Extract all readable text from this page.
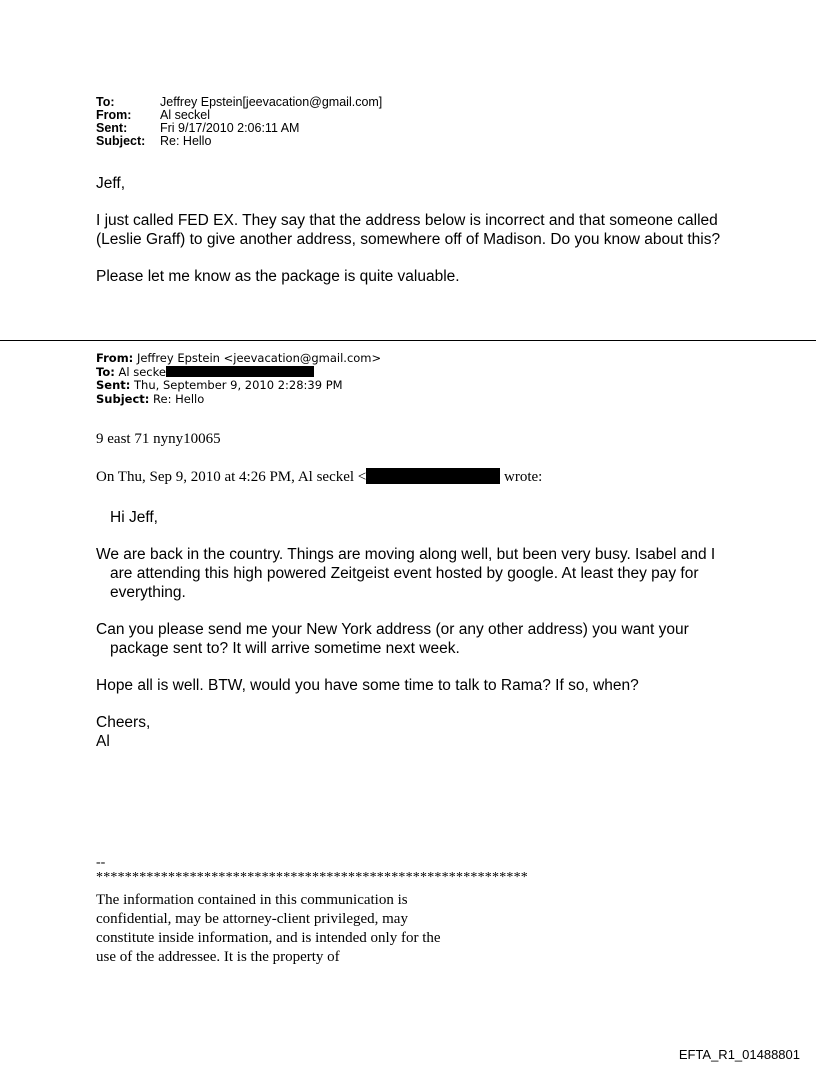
To:	Jeffrey Epstein[jeevacation@gmail.com]
From:	Al seckel
Sent:	Fri 9/17/2010 2:06:11 AM
Subject:	Re: Hello

Jeff,

I just called FED EX. They say that the address below is incorrect and that someone called (Leslie Graff) to give another address, somewhere off of Madison. Do you know about this?

Please let me know as the package is quite valuable.

From: Jeffrey Epstein <jeevacation@gmail.com>
To: Al secke
Sent: Thu, September 9, 2010 2:28:39 PM
Subject: Re: Hello
9 east 71 nyny10065
On Thu, Sep 9, 2010 at 4:26 PM, Al seckel <	wrote:

Hi Jeff,

We are back in the country. Things are moving along well, but been very busy. Isabel and I are attending this high powered Zeitgeist event hosted by google. At least they pay for everything.

Can you please send me your New York address (or any other address) you want your package sent to? It will arrive sometime next week.

Hope all is well. BTW, would you have some time to talk to Rama? If so, when?

Cheers,

Al

--
************************************************************
The information contained in this communication is confidential, may be attorney-client privileged, may constitute inside information, and is intended only for the use of the addressee. It is the property of
EFTA_R1_01488801
